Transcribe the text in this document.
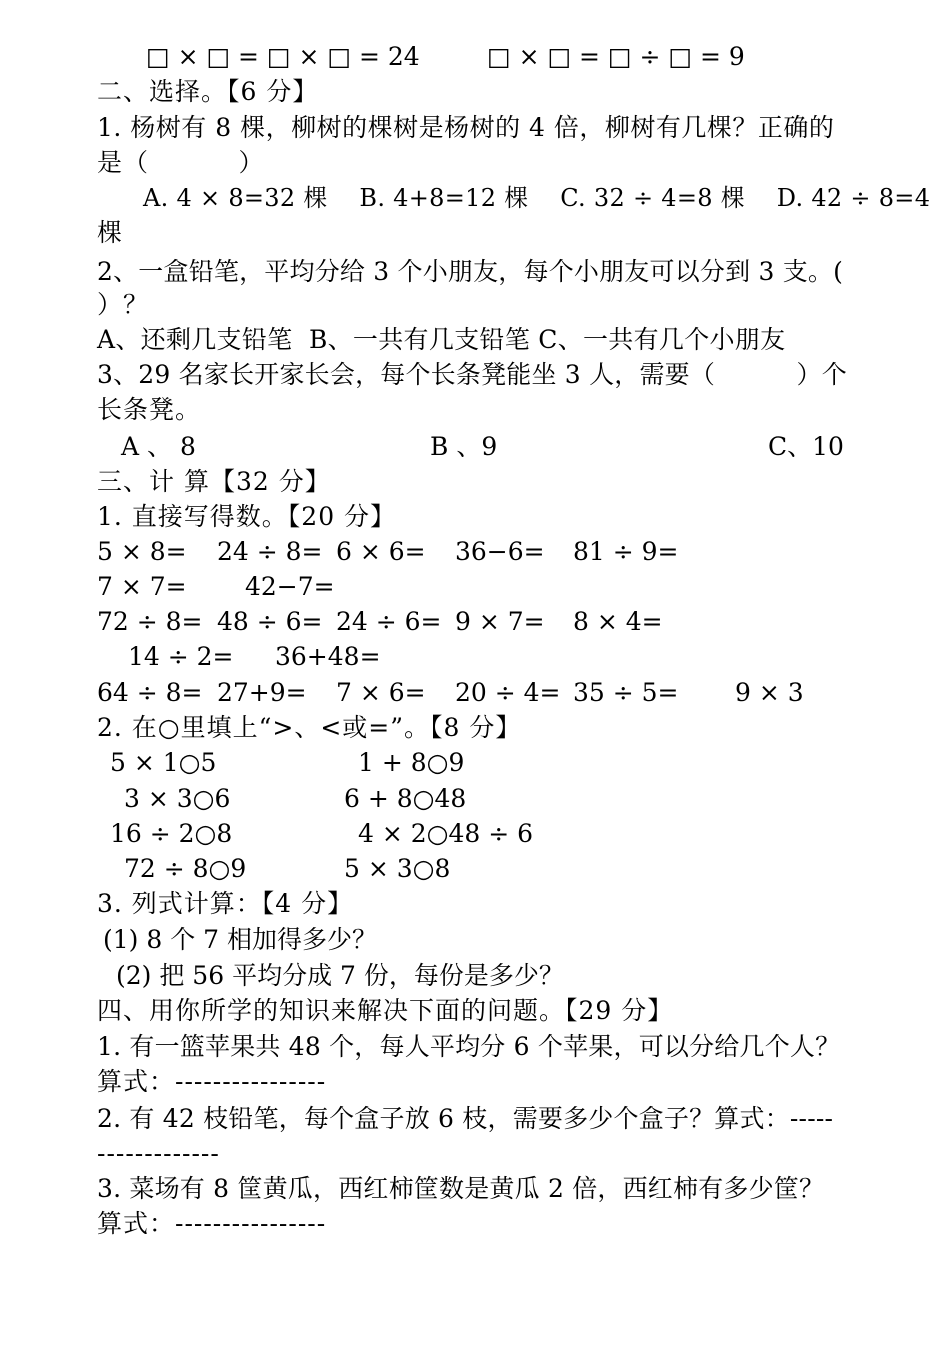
□ × □ = □ × □ = 24	□ × □ = □ ÷ □ = 9
二、选择。【6 分】
1. 杨树有 8 棵，柳树的棵树是杨树的 4 倍，柳树有几棵？正确的
是（          ）
A. 4 × 8=32 棵    B. 4+8=12 棵    C. 32 ÷ 4=8 棵    D. 42 ÷ 8=4
棵
2、一盒铅笔，平均分给 3 个小朋友，每个小朋友可以分到 3 支。(
）？
A、还剩几支铅笔  B、一共有几支铅笔 C、一共有几个小朋友
3、29 名家长开家长会，每个长条凳能坐 3 人，需要（          ）个
长条凳。
A 、 8	B 、9	C、10
三、计 算【32 分】
1. 直接写得数。【20 分】
5 × 8= 24 ÷ 8= 6 × 6= 36−6= 81 ÷ 9=
7 × 7= 42−7=
72 ÷ 8= 48 ÷ 6= 24 ÷ 6= 9 × 7= 8 × 4=
14 ÷ 2= 36+48=
64 ÷ 8= 27+9= 7 × 6= 20 ÷ 4= 35 ÷ 5= 9 × 3
2. 在○里填上“>、<或=”。【8 分】
5 × 1○5	1 + 8○9
3 × 3○6	6 + 8○48
16 ÷ 2○8	4 × 2○48 ÷ 6
72 ÷ 8○9	5 × 3○8
3. 列式计算：【4 分】
(1) 8 个 7 相加得多少？
(2) 把 56 平均分成 7 份，每份是多少？
四、用你所学的知识来解决下面的问题。【29 分】
1. 有一篮苹果共 48 个，每人平均分 6 个苹果，可以分给几个人？
算式：----------------
2. 有 42 枝铅笔，每个盒子放 6 枝，需要多少个盒子？算式：-----
-------------
3. 菜场有 8 筐黄瓜，西红柿筐数是黄瓜 2 倍，西红柿有多少筐？
算式：----------------
